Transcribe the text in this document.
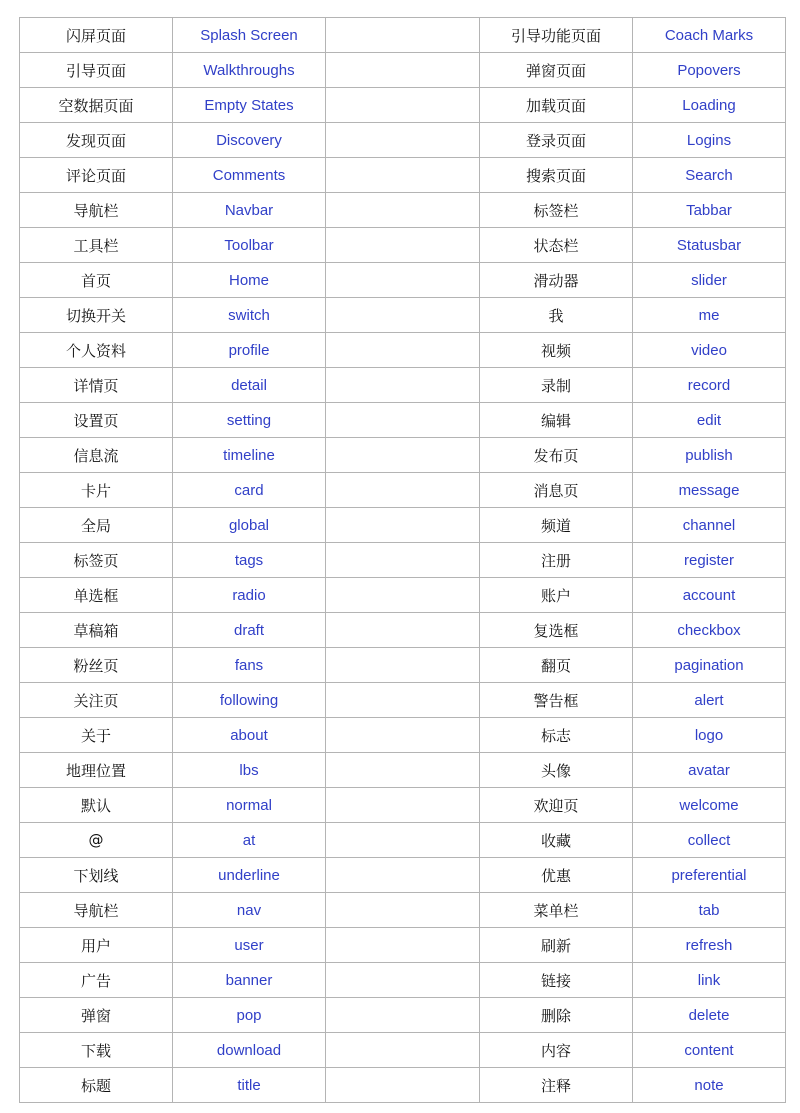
闪屏页面	Splash Screen		引导功能页面	Coach Marks
引导页面	Walkthroughs		弹窗页面	Popovers
空数据页面	Empty States		加载页面	Loading
发现页面	Discovery		登录页面	Logins
评论页面	Comments		搜索页面	Search
导航栏	Navbar		标签栏	Tabbar
工具栏	Toolbar		状态栏	Statusbar
首页	Home		滑动器	slider
切换开关	switch		我	me
个人资料	profile		视频	video
详情页	detail		录制	record
设置页	setting		编辑	edit
信息流	timeline		发布页	publish
卡片	card		消息页	message
全局	global		频道	channel
标签页	tags		注册	register
单选框	radio		账户	account
草稿箱	draft		复选框	checkbox
粉丝页	fans		翻页	pagination
关注页	following		警告框	alert
关于	about		标志	logo
地理位置	lbs		头像	avatar
默认	normal		欢迎页	welcome
@	at		收藏	collect
下划线	underline		优惠	preferential
导航栏	nav		菜单栏	tab
用户	user		刷新	refresh
广告	banner		链接	link
弹窗	pop		删除	delete
下载	download		内容	content
标题	title		注释	note
